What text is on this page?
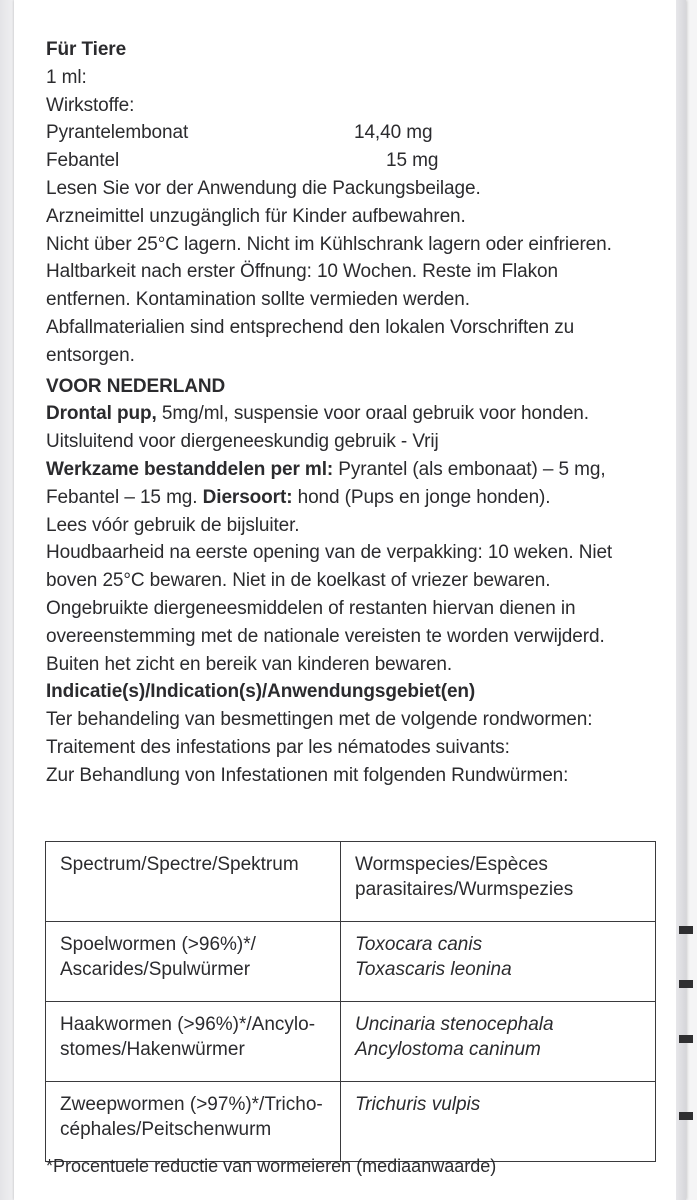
Für Tiere

1 ml:

Wirkstoffe:

Pyrantelembonat	14,40 mg
Febantel	15 mg

Lesen Sie vor der Anwendung die Packungsbeilage.

Arzneimittel unzugänglich für Kinder aufbewahren.

Nicht über 25°C lagern. Nicht im Kühlschrank lagern oder einfrieren.

Haltbarkeit nach erster Öffnung: 10 Wochen. Reste im Flakon entfernen. Kontamination sollte vermieden werden.

Abfallmaterialien sind entsprechend den lokalen Vorschriften zu entsorgen.

VOOR NEDERLAND

Drontal pup, 5mg/ml, suspensie voor oraal gebruik voor honden.

Uitsluitend voor diergeneeskundig gebruik - Vrij

Werkzame bestanddelen per ml: Pyrantel (als embonaat) – 5 mg, Febantel – 15 mg. Diersoort: hond (Pups en jonge honden).

Lees vóór gebruik de bijsluiter.

Houdbaarheid na eerste opening van de verpakking: 10 weken. Niet boven 25°C bewaren. Niet in de koelkast of vriezer bewaren. Ongebruikte diergeneesmiddelen of restanten hiervan dienen in overeenstemming met de nationale vereisten te worden verwijderd. Buiten het zicht en bereik van kinderen bewaren.

Indicatie(s)/Indication(s)/Anwendungsgebiet(en)

Ter behandeling van besmettingen met de volgende rondwormen:

Traitement des infestations par les nématodes suivants:

Zur Behandlung von Infestationen mit folgenden Rundwürmen:

Spectrum/Spectre/Spektrum	Wormspecies/Espèces parasitaires/Wurmspezies
Spoelwormen (>96%)*/ Ascarides/Spulwürmer	Toxocara canis
Toxascaris leonina

Haakwormen (>96%)*/Ancylo-stomes/Hakenwürmer	Uncinaria stenocephala
Ancylostoma caninum

Zweepwormen (>97%)*/Tricho-céphales/Peitschenwurm	Trichuris vulpis
*Procentuele reductie van wormeieren (mediaanwaarde)
